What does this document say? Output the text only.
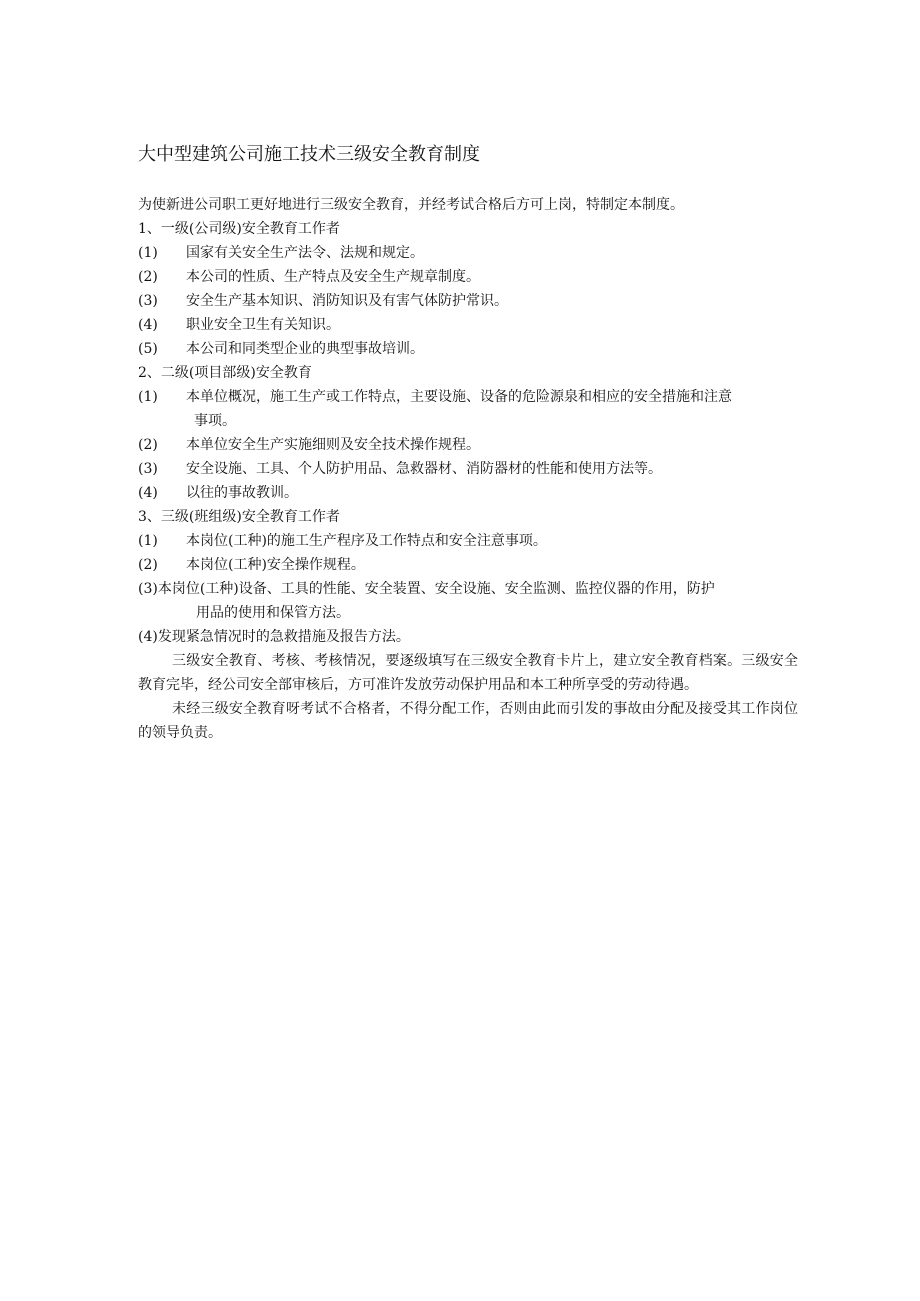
大中型建筑公司施工技术三级安全教育制度
为使新进公司职工更好地进行三级安全教育，并经考试合格后方可上岗，特制定本制度。
1、一级(公司级)安全教育工作者
(1)	国家有关安全生产法令、法规和规定。
(2)	本公司的性质、生产特点及安全生产规章制度。
(3)	安全生产基本知识、消防知识及有害气体防护常识。
(4)	职业安全卫生有关知识。
(5)	本公司和同类型企业的典型事故培训。
2、二级(项目部级)安全教育
(1)	本单位概况，施工生产或工作特点，主要设施、设备的危险源泉和相应的安全措施和注意
事项。
(2)	本单位安全生产实施细则及安全技术操作规程。
(3)	安全设施、工具、个人防护用品、急救器材、消防器材的性能和使用方法等。
(4)	以往的事故教训。
3、三级(班组级)安全教育工作者
(1)	本岗位(工种)的施工生产程序及工作特点和安全注意事项。
(2)	本岗位(工种)安全操作规程。
(3)本岗位(工种)设备、工具的性能、安全装置、安全设施、安全监测、监控仪器的作用，防护
用品的使用和保管方法。
(4)发现紧急情况时的急救措施及报告方法。
三级安全教育、考核、考核情况，要逐级填写在三级安全教育卡片上，建立安全教育档案。三级安全教育完毕，经公司安全部审核后，方可准许发放劳动保护用品和本工种所享受的劳动待遇。
未经三级安全教育呀考试不合格者，不得分配工作，否则由此而引发的事故由分配及接受其工作岗位的领导负责。
